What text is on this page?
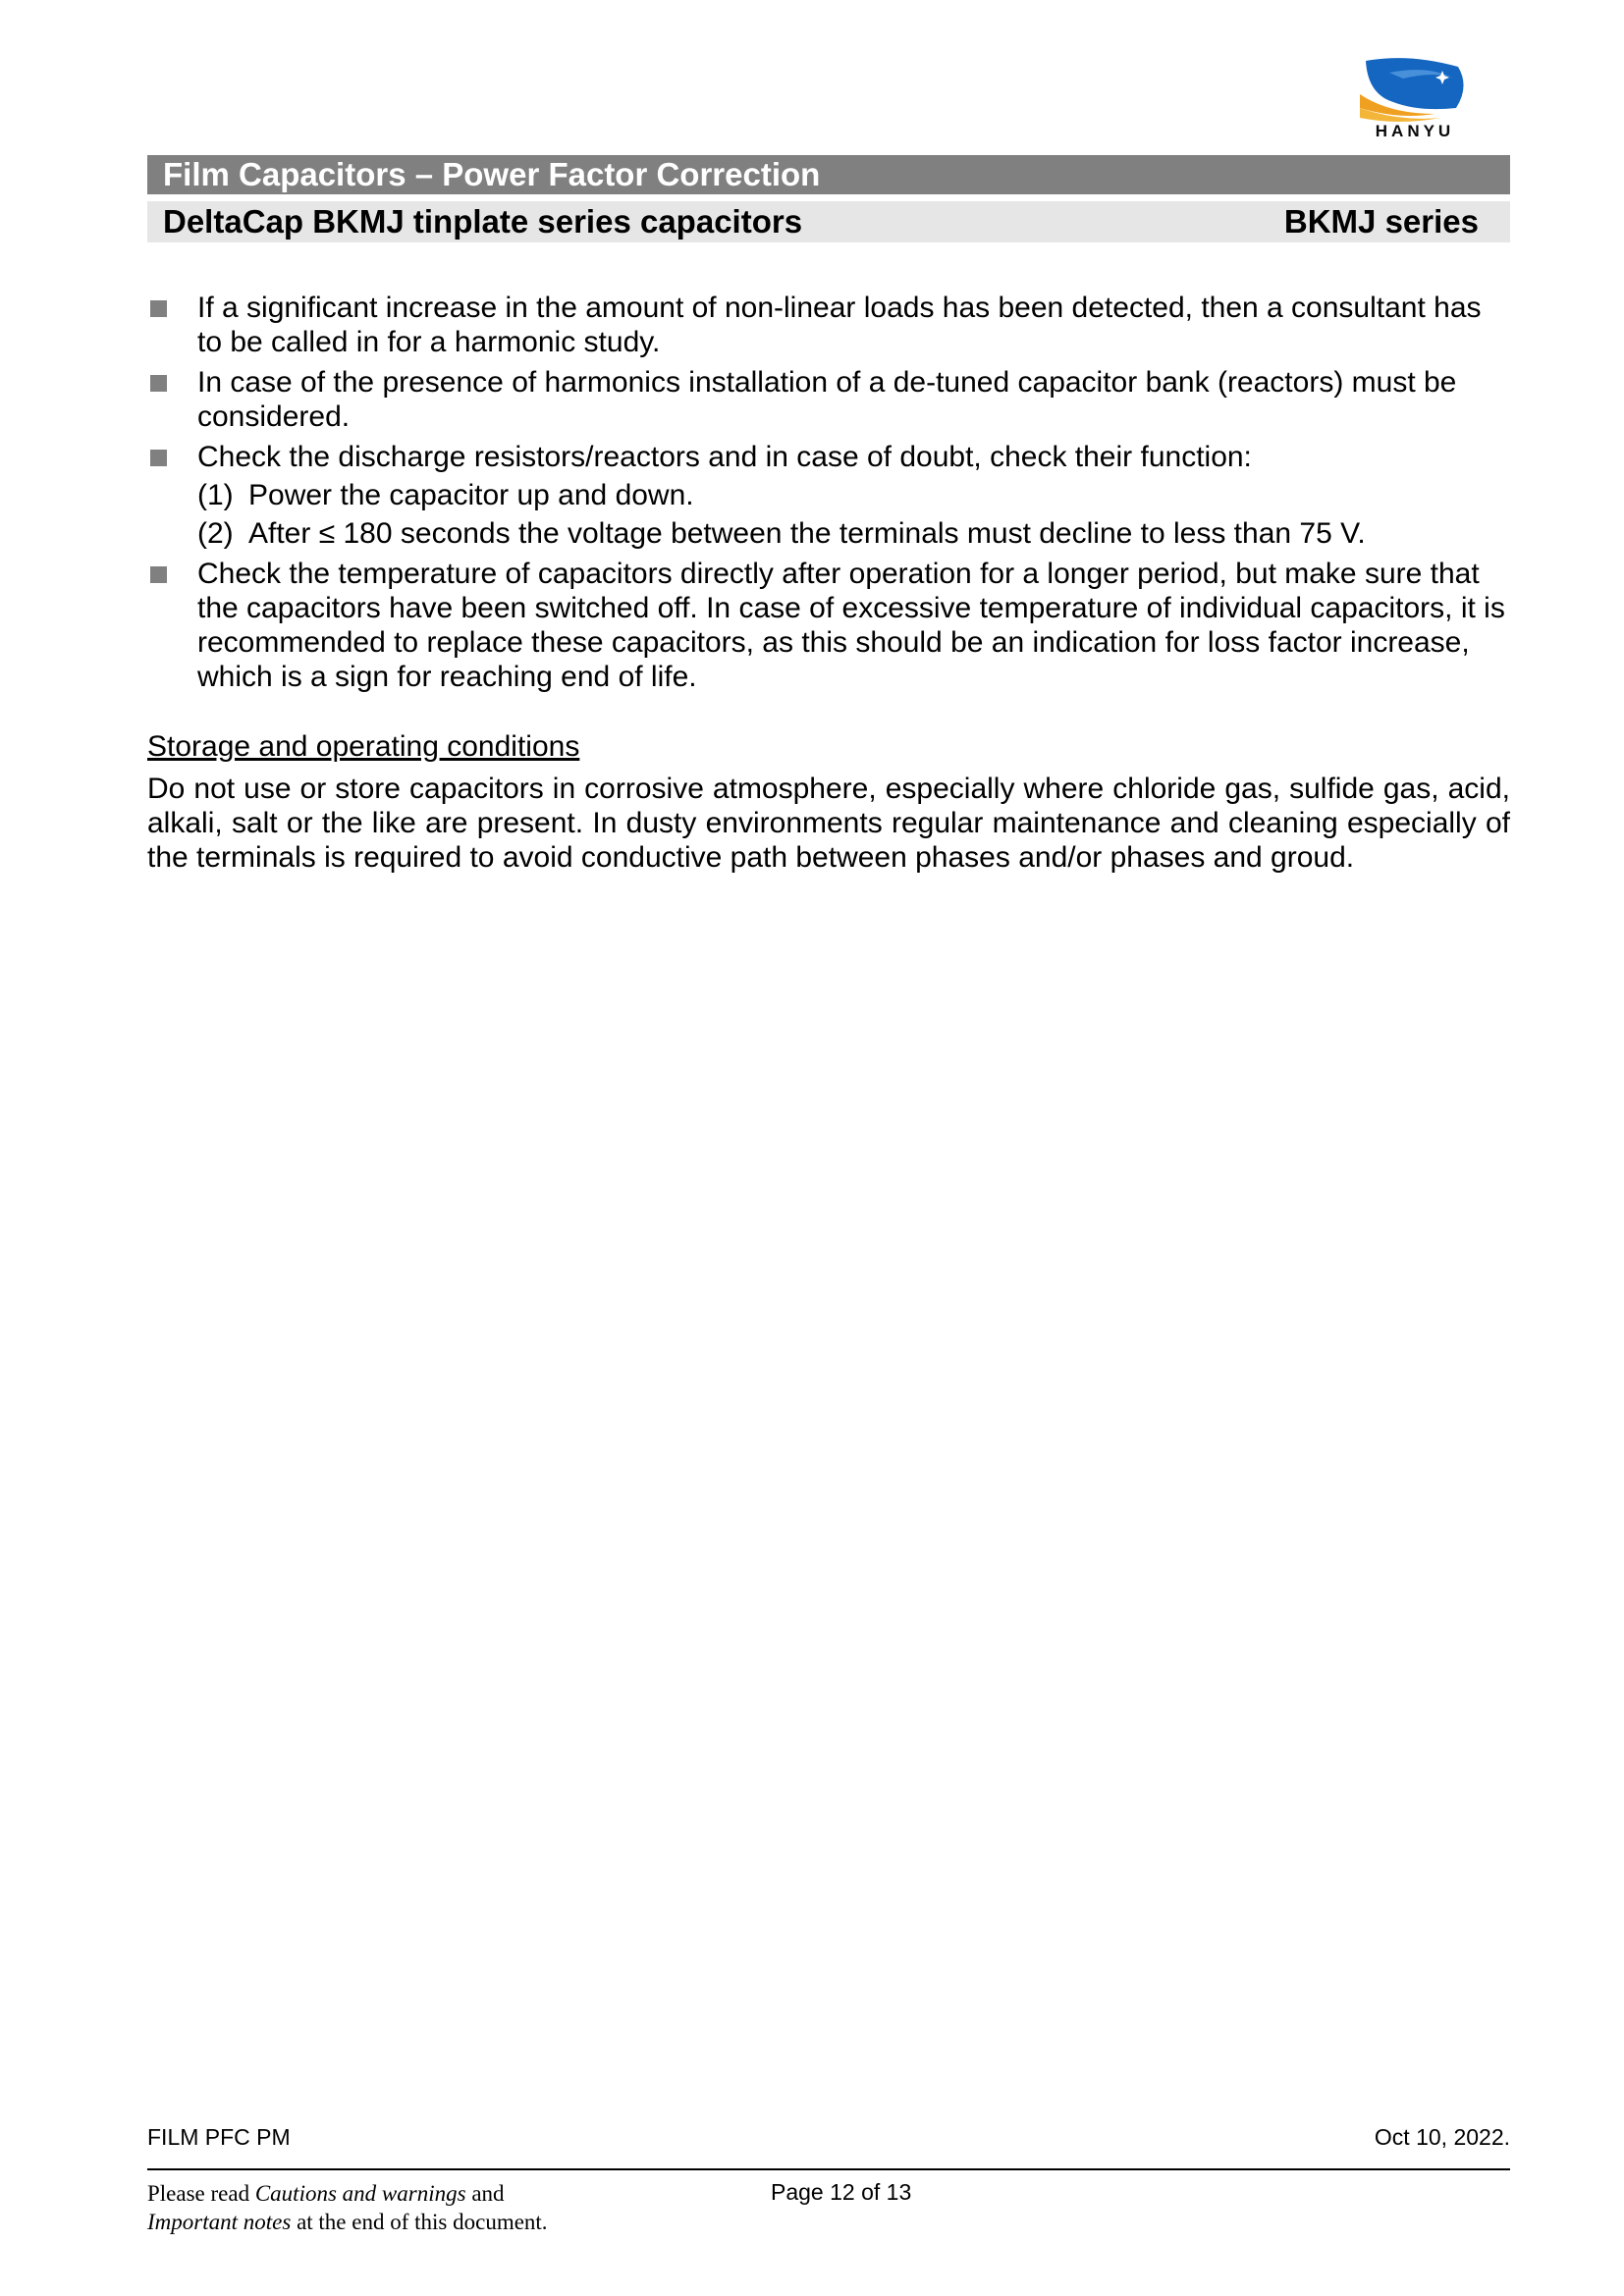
HANYU
Film Capacitors – Power Factor Correction
DeltaCap BKMJ tinplate series capacitors	BKMJ series
If a significant increase in the amount of non-linear loads has been detected, then a consultant has to be called in for a harmonic study.
In case of the presence of harmonics installation of a de-tuned capacitor bank (reactors) must be considered.
Check the discharge resistors/reactors and in case of doubt, check their function:
(1) Power the capacitor up and down.
(2) After ≤ 180 seconds the voltage between the terminals must decline to less than 75 V.
Check the temperature of capacitors directly after operation for a longer period, but make sure that the capacitors have been switched off. In case of excessive temperature of individual capacitors, it is recommended to replace these capacitors, as this should be an indication for loss factor increase, which is a sign for reaching end of life.
Storage and operating conditions
Do not use or store capacitors in corrosive atmosphere, especially where chloride gas, sulfide gas, acid, alkali, salt or the like are present. In dusty environments regular maintenance and cleaning especially of the terminals is required to avoid conductive path between phases and/or phases and groud.
FILM PFC PM	Oct 10, 2022.
Please read Cautions and warnings and
Important notes at the end of this document.
Page 12 of 13
